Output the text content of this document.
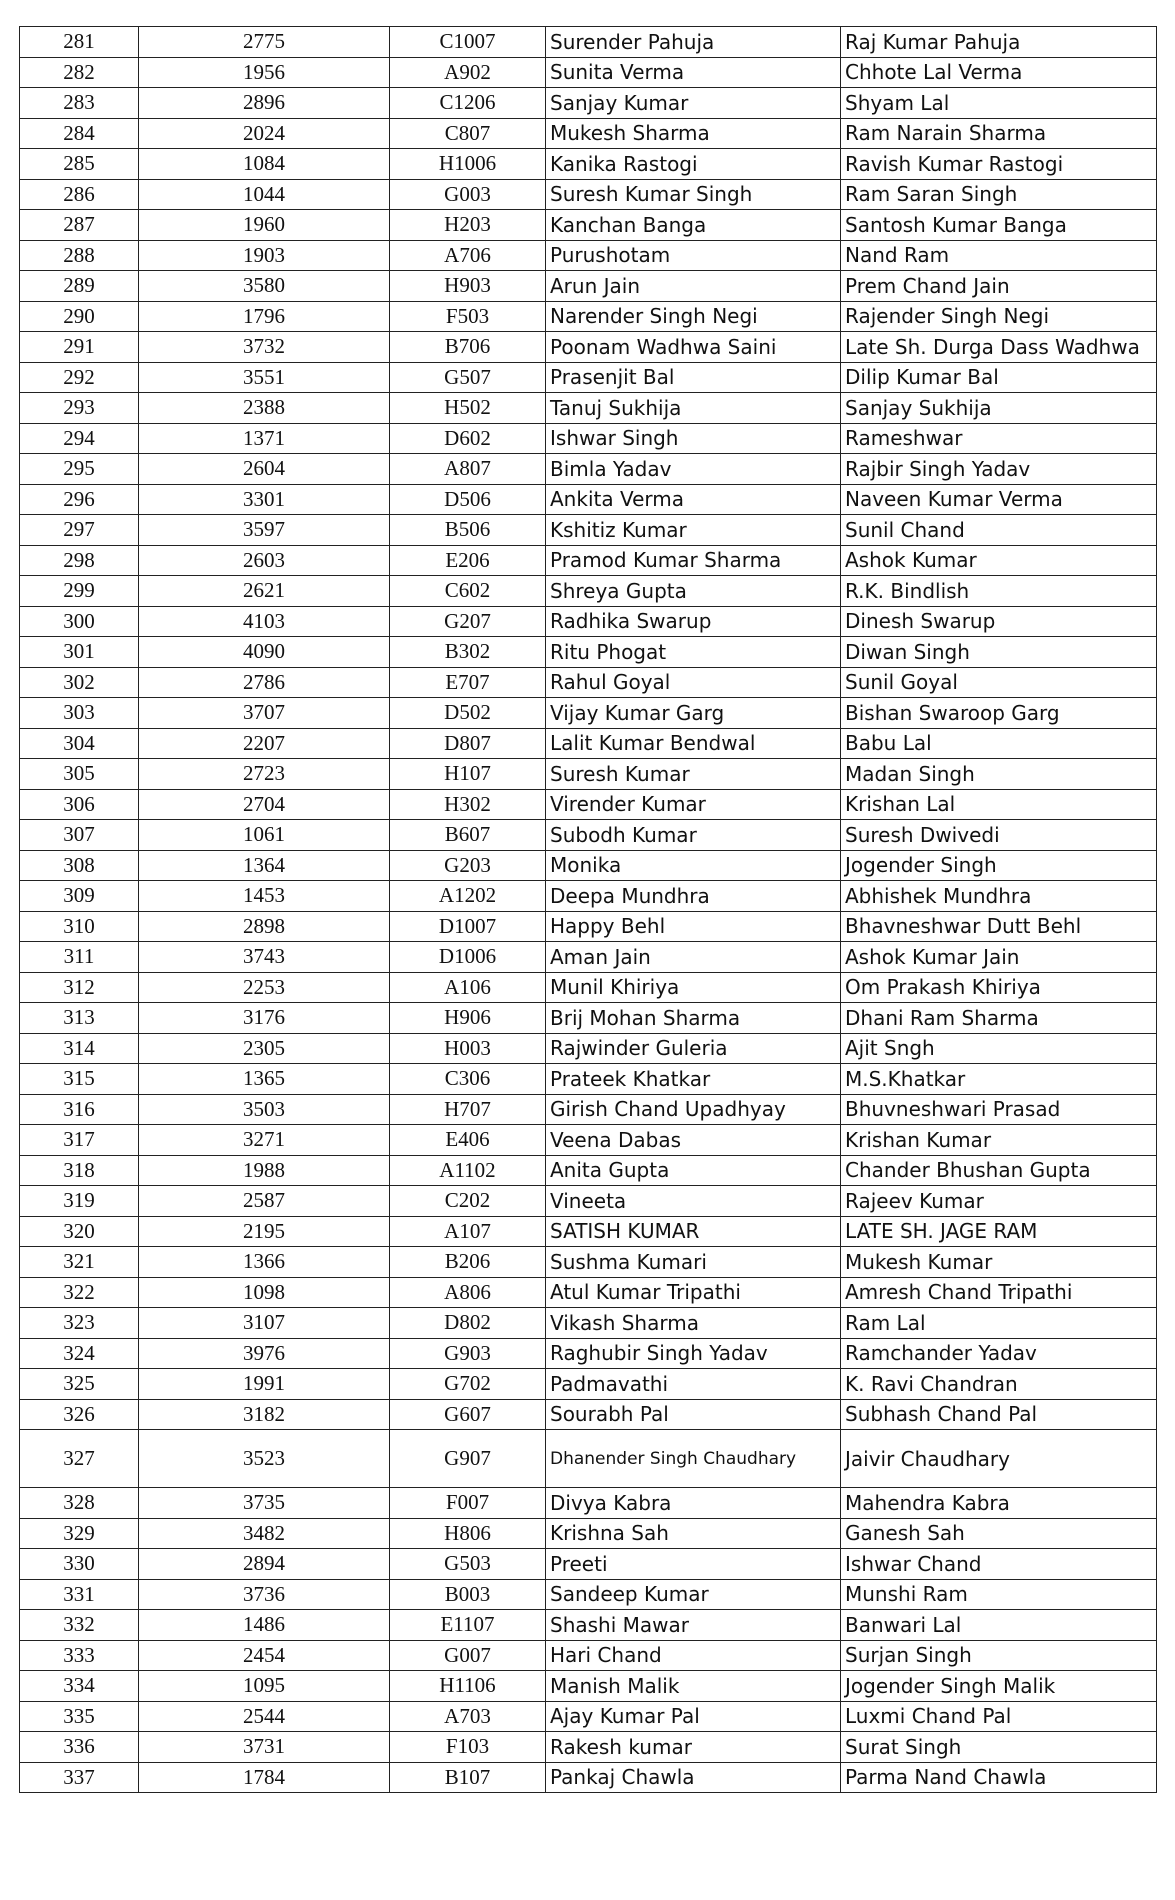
281	2775	C1007	Surender Pahuja	Raj Kumar Pahuja
282	1956	A902	Sunita Verma	Chhote Lal Verma
283	2896	C1206	Sanjay Kumar	Shyam Lal
284	2024	C807	Mukesh Sharma	Ram Narain Sharma
285	1084	H1006	Kanika Rastogi	Ravish Kumar Rastogi
286	1044	G003	Suresh Kumar Singh	Ram Saran Singh
287	1960	H203	Kanchan Banga	Santosh Kumar Banga
288	1903	A706	Purushotam	Nand Ram
289	3580	H903	Arun Jain	Prem Chand Jain
290	1796	F503	Narender Singh Negi	Rajender Singh Negi
291	3732	B706	Poonam Wadhwa Saini	Late Sh. Durga Dass Wadhwa
292	3551	G507	Prasenjit Bal	Dilip Kumar Bal
293	2388	H502	Tanuj Sukhija	Sanjay Sukhija
294	1371	D602	Ishwar Singh	Rameshwar
295	2604	A807	Bimla Yadav	Rajbir Singh Yadav
296	3301	D506	Ankita Verma	Naveen Kumar Verma
297	3597	B506	Kshitiz Kumar	Sunil Chand
298	2603	E206	Pramod Kumar Sharma	Ashok Kumar
299	2621	C602	Shreya Gupta	R.K. Bindlish
300	4103	G207	Radhika Swarup	Dinesh Swarup
301	4090	B302	Ritu Phogat	Diwan Singh
302	2786	E707	Rahul Goyal	Sunil Goyal
303	3707	D502	Vijay Kumar Garg	Bishan Swaroop Garg
304	2207	D807	Lalit Kumar Bendwal	Babu Lal
305	2723	H107	Suresh Kumar	Madan Singh
306	2704	H302	Virender Kumar	Krishan Lal
307	1061	B607	Subodh Kumar	Suresh Dwivedi
308	1364	G203	Monika	Jogender Singh
309	1453	A1202	Deepa Mundhra	Abhishek Mundhra
310	2898	D1007	Happy Behl	Bhavneshwar Dutt Behl
311	3743	D1006	Aman Jain	Ashok Kumar Jain
312	2253	A106	Munil Khiriya	Om Prakash Khiriya
313	3176	H906	Brij Mohan Sharma	Dhani Ram Sharma
314	2305	H003	Rajwinder Guleria	Ajit Sngh
315	1365	C306	Prateek Khatkar	M.S.Khatkar
316	3503	H707	Girish Chand Upadhyay	Bhuvneshwari Prasad
317	3271	E406	Veena Dabas	Krishan Kumar
318	1988	A1102	Anita Gupta	Chander Bhushan Gupta
319	2587	C202	Vineeta	Rajeev Kumar
320	2195	A107	SATISH KUMAR	LATE SH. JAGE RAM
321	1366	B206	Sushma Kumari	Mukesh Kumar
322	1098	A806	Atul Kumar Tripathi	Amresh Chand Tripathi
323	3107	D802	Vikash Sharma	Ram Lal
324	3976	G903	Raghubir Singh Yadav	Ramchander Yadav
325	1991	G702	Padmavathi	K. Ravi Chandran
326	3182	G607	Sourabh Pal	Subhash Chand Pal
327	3523	G907	Dhanender Singh Chaudhary	Jaivir Chaudhary
328	3735	F007	Divya Kabra	Mahendra Kabra
329	3482	H806	Krishna Sah	Ganesh Sah
330	2894	G503	Preeti	Ishwar Chand
331	3736	B003	Sandeep Kumar	Munshi Ram
332	1486	E1107	Shashi Mawar	Banwari Lal
333	2454	G007	Hari Chand	Surjan Singh
334	1095	H1106	Manish Malik	Jogender Singh Malik
335	2544	A703	Ajay Kumar Pal	Luxmi Chand Pal
336	3731	F103	Rakesh kumar	Surat Singh
337	1784	B107	Pankaj Chawla	Parma Nand Chawla
